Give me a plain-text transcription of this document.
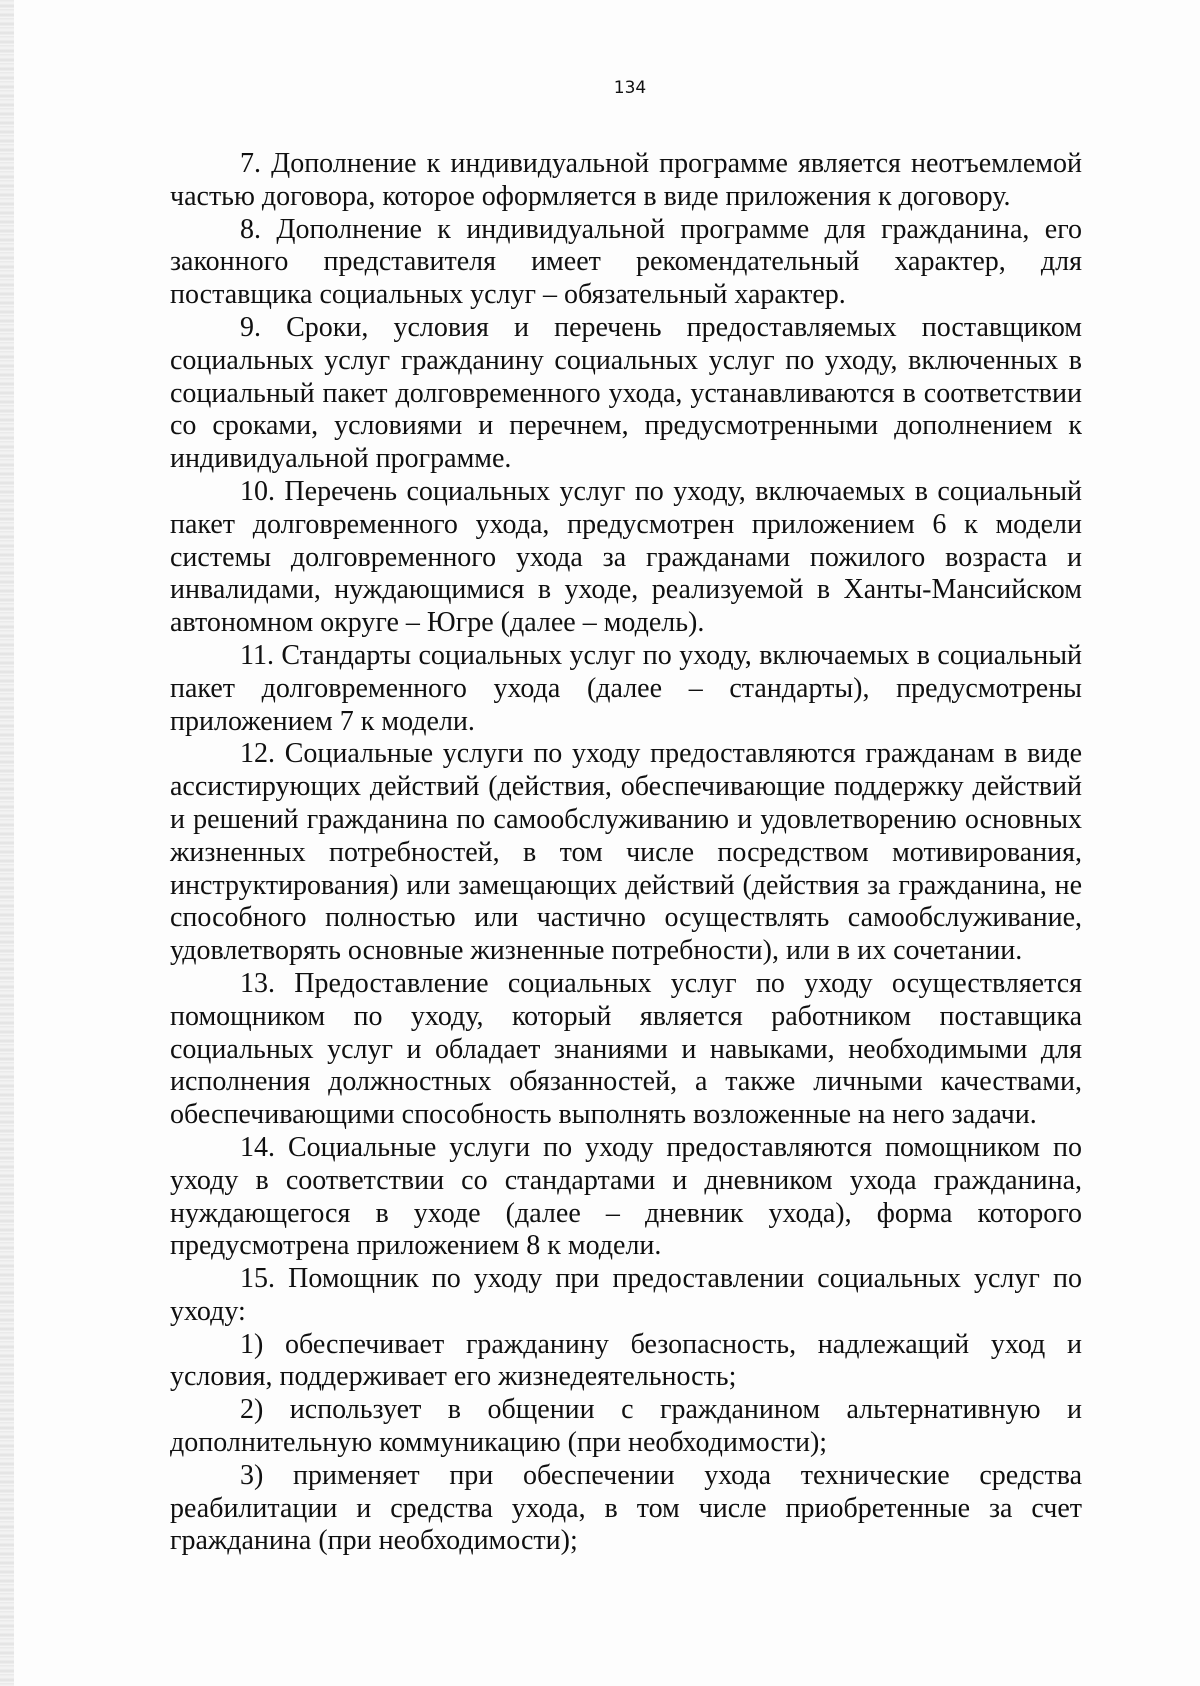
134

7. Дополнение к индивидуальной программе является неотъемлемой частью договора, которое оформляется в виде приложения к договору.

8. Дополнение к индивидуальной программе для гражданина, его законного представителя имеет рекомендательный характер, для поставщика социальных услуг – обязательный характер.

9. Сроки, условия и перечень предоставляемых поставщиком социальных услуг гражданину социальных услуг по уходу, включенных в социальный пакет долговременного ухода, устанавливаются в соответствии со сроками, условиями и перечнем, предусмотренными дополнением к индивидуальной программе.

10. Перечень социальных услуг по уходу, включаемых в социальный пакет долговременного ухода, предусмотрен приложением 6 к модели системы долговременного ухода за гражданами пожилого возраста и инвалидами, нуждающимися в уходе, реализуемой в Ханты-Мансийском автономном округе – Югре (далее – модель).

11. Стандарты социальных услуг по уходу, включаемых в социальный пакет долговременного ухода (далее – стандарты), предусмотрены приложением 7 к модели.

12. Социальные услуги по уходу предоставляются гражданам в виде ассистирующих действий (действия, обеспечивающие поддержку действий и решений гражданина по самообслуживанию и удовлетворению основных жизненных потребностей, в том числе посредством мотивирования, инструктирования) или замещающих действий (действия за гражданина, не способного полностью или частично осуществлять самообслуживание, удовлетворять основные жизненные потребности), или в их сочетании.

13. Предоставление социальных услуг по уходу осуществляется помощником по уходу, который является работником поставщика социальных услуг и обладает знаниями и навыками, необходимыми для исполнения должностных обязанностей, а также личными качествами, обеспечивающими способность выполнять возложенные на него задачи.

14. Социальные услуги по уходу предоставляются помощником по уходу в соответствии со стандартами и дневником ухода гражданина, нуждающегося в уходе (далее – дневник ухода), форма которого предусмотрена приложением 8 к модели.

15. Помощник по уходу при предоставлении социальных услуг по уходу:

1) обеспечивает гражданину безопасность, надлежащий уход и условия, поддерживает его жизнедеятельность;

2) использует в общении с гражданином альтернативную и дополнительную коммуникацию (при необходимости);

3) применяет при обеспечении ухода технические средства реабилитации и средства ухода, в том числе приобретенные за счет гражданина (при необходимости);
